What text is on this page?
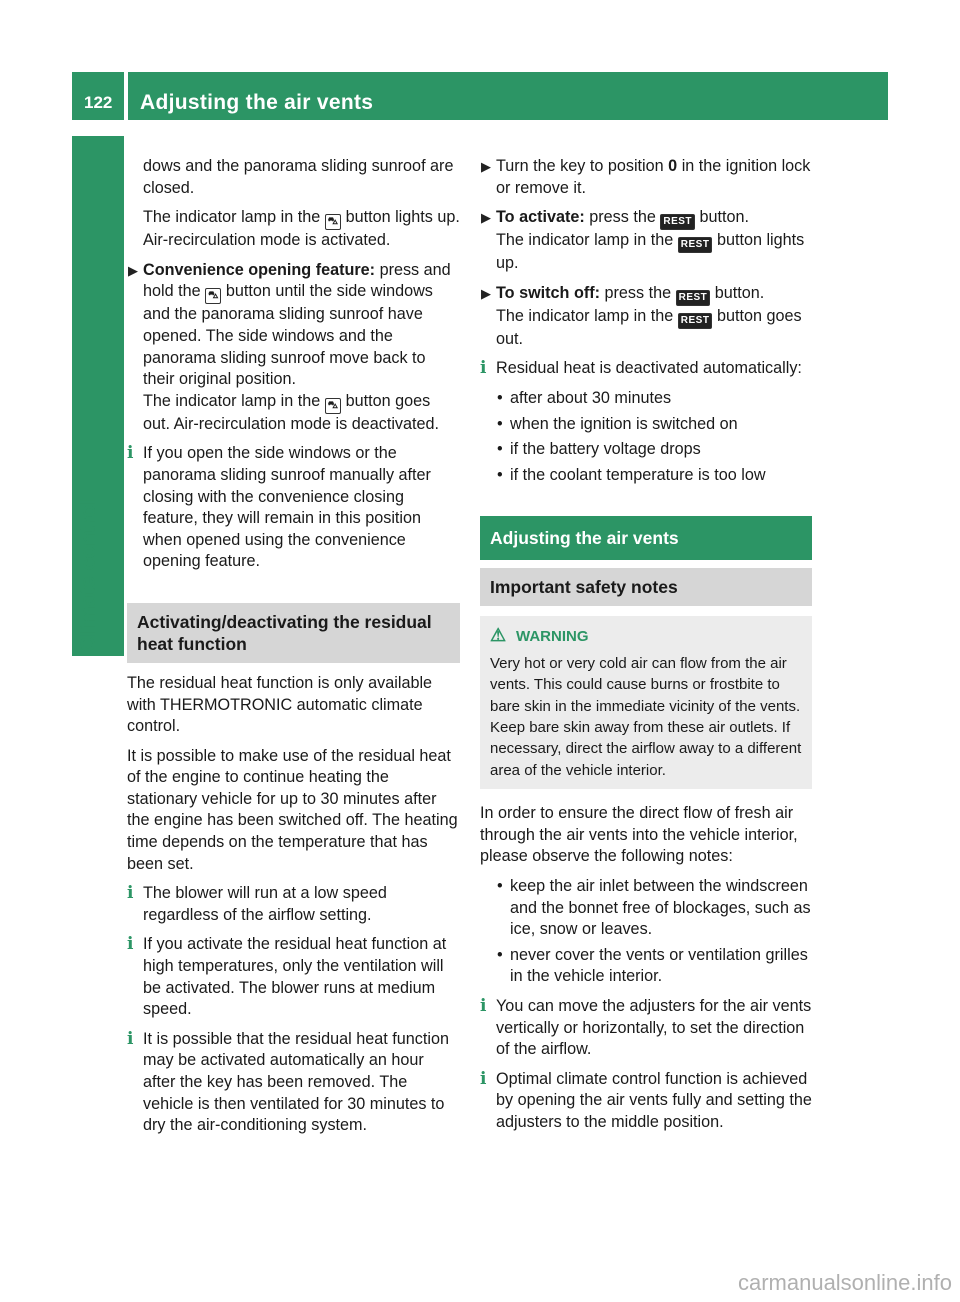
122 Adjusting the air vents

dows and the panorama sliding sunroof are closed.

The indicator lamp in the ⛍ button lights up. Air-recirculation mode is activated.

▶ Convenience opening feature: press and hold the ⛍ button until the side windows and the panorama sliding sunroof have opened. The side windows and the panorama sliding sunroof move back to their original position.

The indicator lamp in the ⛍ button goes out. Air-recirculation mode is deactivated.

i If you open the side windows or the panorama sliding sunroof manually after closing with the convenience closing feature, they will remain in this position when opened using the convenience opening feature.

Activating/deactivating the residual heat function

The residual heat function is only available with THERMOTRONIC automatic climate control.

It is possible to make use of the residual heat of the engine to continue heating the stationary vehicle for up to 30 minutes after the engine has been switched off. The heating time depends on the temperature that has been set.

i The blower will run at a low speed regardless of the airflow setting.

i If you activate the residual heat function at high temperatures, only the ventilation will be activated. The blower runs at medium speed.

i It is possible that the residual heat function may be activated automatically an hour after the key has been removed. The vehicle is then ventilated for 30 minutes to dry the air-conditioning system.

▶ Turn the key to position 0 in the ignition lock or remove it.

▶ To activate: press the REST button.

The indicator lamp in the REST button lights up.

▶ To switch off: press the REST button.

The indicator lamp in the REST button goes out.

i Residual heat is deactivated automatically:

• after about 30 minutes
• when the ignition is switched on
• if the battery voltage drops
• if the coolant temperature is too low
Adjusting the air vents
Important safety notes
⚠ WARNING
Very hot or very cold air can flow from the air vents. This could cause burns or frostbite to bare skin in the immediate vicinity of the vents. Keep bare skin away from these air outlets. If necessary, direct the airflow away to a different area of the vehicle interior.

In order to ensure the direct flow of fresh air through the air vents into the vehicle interior, please observe the following notes:

• keep the air inlet between the windscreen and the bonnet free of blockages, such as ice, snow or leaves.
• never cover the vents or ventilation grilles in the vehicle interior.
i You can move the adjusters for the air vents vertically or horizontally, to set the direction of the airflow.

i Optimal climate control function is achieved by opening the air vents fully and setting the adjusters to the middle position.

carmanualsonline.info
